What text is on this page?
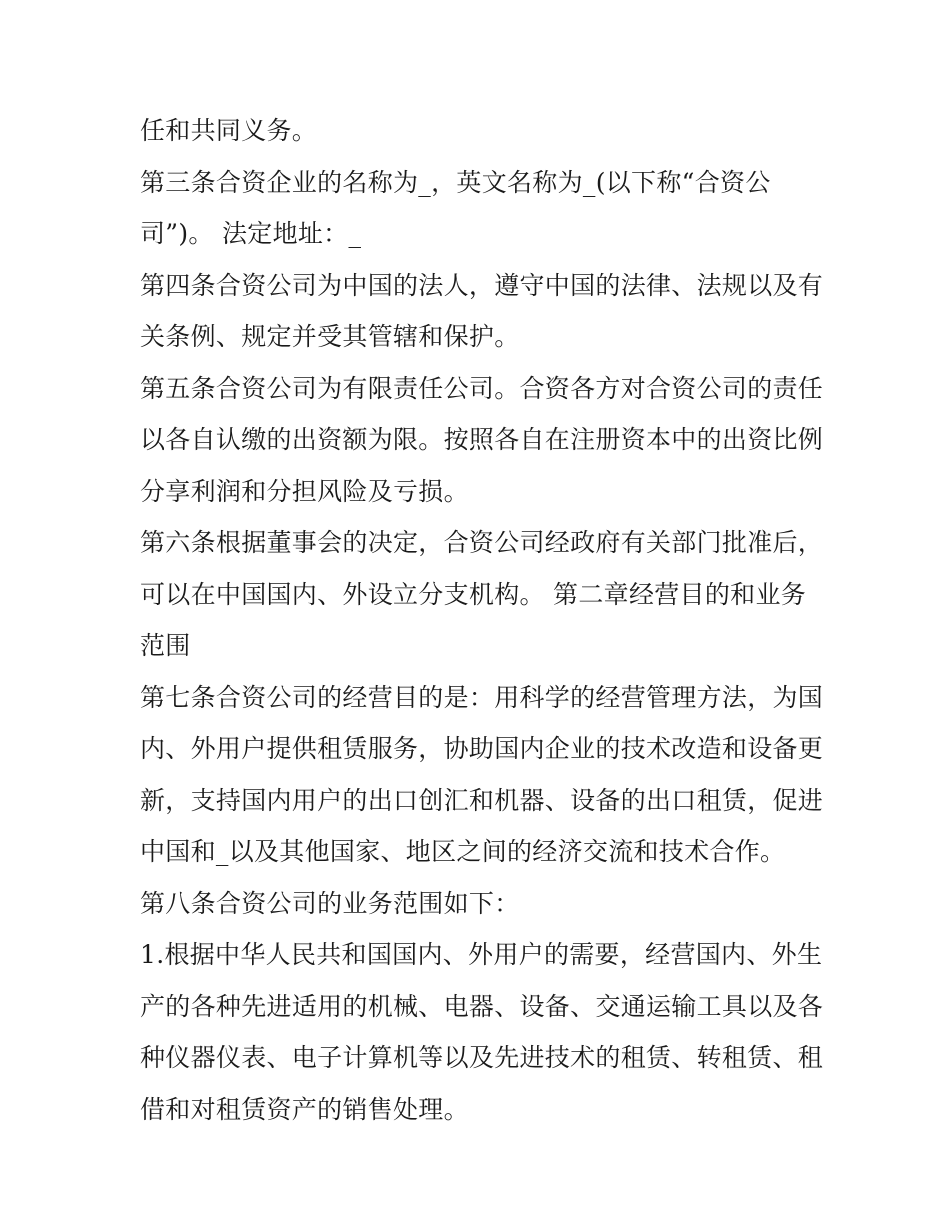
任和共同义务。
第三条合资企业的名称为_，英文名称为_(以下称“合资公
司”)。 法定地址：_
第四条合资公司为中国的法人，遵守中国的法律、法规以及有
关条例、规定并受其管辖和保护。
第五条合资公司为有限责任公司。合资各方对合资公司的责任
以各自认缴的出资额为限。按照各自在注册资本中的出资比例
分享利润和分担风险及亏损。
第六条根据董事会的决定，合资公司经政府有关部门批准后，
可以在中国国内、外设立分支机构。 第二章经营目的和业务
范围
第七条合资公司的经营目的是：用科学的经营管理方法，为国
内、外用户提供租赁服务，协助国内企业的技术改造和设备更
新，支持国内用户的出口创汇和机器、设备的出口租赁，促进
中国和_以及其他国家、地区之间的经济交流和技术合作。
第八条合资公司的业务范围如下：
1.根据中华人民共和国国内、外用户的需要，经营国内、外生
产的各种先进适用的机械、电器、设备、交通运输工具以及各
种仪器仪表、电子计算机等以及先进技术的租赁、转租赁、租
借和对租赁资产的销售处理。
